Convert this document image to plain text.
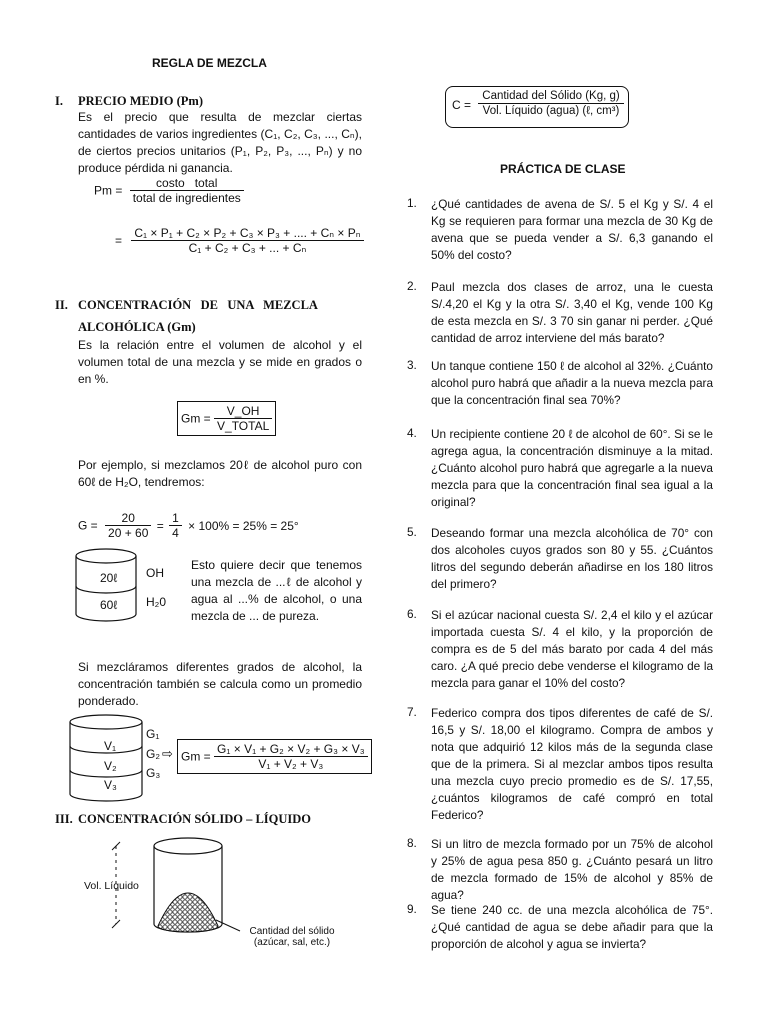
REGLA DE MEZCLA
I. PRECIO MEDIO (Pm)
Es el precio que resulta de mezclar ciertas cantidades de varios ingredientes (C₁, C₂, C₃, ..., Cₙ), de ciertos precios unitarios (P₁, P₂, P₃, ..., Pₙ) y no produce pérdida ni ganancia.
$Pm = \frac{\text{costo   total}}{\text{total de ingredientes}}$
= $\frac{\text{C₁ × P₁ + C₂ × P₂ + C₃ × P₃ + .... + Cₙ × Pₙ}}{\text{C₁ + C₂ + C₃ + ... + Cₙ}}$
II. CONCENTRACIÓN   DE   UNA   MEZCLA
ALCOHÓLICA (Gm)
Es la relación entre el volumen de alcohol y el volumen total de una mezcla y se mide en grados o en %.
$Gm = \frac{V\_OH}{\text{V\_TOTAL}}$
Por ejemplo, si mezclamos 20ℓ de alcohol puro con 60ℓ de H₂O, tendremos:
$G = \frac{20}{20 + 60} = \frac{1}{4} \times 100\% = 25\% = 25^\circ$
20ℓ
60ℓ
OH
H₂0
Esto quiere decir que tenemos una mezcla de ...ℓ de alcohol y agua al ...% de alcohol, o una mezcla de ... de pureza.
Si mezcláramos diferentes grados de alcohol, la concentración también se calcula como un promedio ponderado.
V₁
V₂
V₃
G₁
G₂
G₃
⇨ $Gm = \frac{\text{G₁ × V₁ + G₂ × V₂ + G₃ × V₃}}{\text{V₁ + V₂ + V₃}}$
III. CONCENTRACIÓN SÓLIDO – LÍQUIDO
Vol. Líquido
Cantidad del sólido
(azúcar, sal, etc.)
C =
Cantidad del Sólido (Kg, g)
Vol. Líquido (agua) (ℓ, cm³)
PRÁCTICA DE CLASE
1. ¿Qué cantidades de avena de S/. 5 el Kg y S/. 4 el Kg se requieren para formar una mezcla de 30 Kg de avena que se pueda vender a S/. 6,3 ganando el 50% del costo?
2. Paul mezcla dos clases de arroz, una le cuesta S/.4,20 el Kg y la otra S/. 3,40 el Kg, vende 100 Kg de esta mezcla en S/. 3 70 sin ganar ni perder. ¿Qué cantidad de arroz interviene del más barato?
3. Un tanque contiene 150 ℓ de alcohol al 32%. ¿Cuánto alcohol puro habrá que añadir a la nueva mezcla para que la concentración final sea 70%?
4. Un recipiente contiene 20 ℓ de alcohol de 60°. Si se le agrega agua, la concentración disminuye a la mitad. ¿Cuánto alcohol puro habrá que agregarle a la nueva mezcla para que la concentración final sea igual a la original?
5. Deseando formar una mezcla alcohólica de 70° con dos alcoholes cuyos grados son 80 y 55. ¿Cuántos litros del segundo deberán añadirse en los 180 litros del primero?
6. Si el azúcar nacional cuesta S/. 2,4 el kilo y el azúcar importada cuesta S/. 4 el kilo, y la proporción de compra es de 5 del más barato por cada 4 del más caro. ¿A qué precio debe venderse el kilogramo de la mezcla para ganar el 10% del costo?
7. Federico compra dos tipos diferentes de café de S/. 16,5 y S/. 18,00 el kilogramo. Compra de ambos y nota que adquirió 12 kilos más de la segunda clase que de la primera. Si al mezclar ambos tipos resulta una mezcla cuyo precio promedio es de S/. 17,55, ¿cuántos kilogramos de café compró en total Federico?
8. Si un litro de mezcla formado por un 75% de alcohol y 25% de agua pesa 850 g. ¿Cuánto pesará un litro de mezcla formado de 15% de alcohol y 85% de agua?
9. Se tiene 240 cc. de una mezcla alcohólica de 75°. ¿Qué cantidad de agua se debe añadir para que la proporción de alcohol y agua se invierta?
